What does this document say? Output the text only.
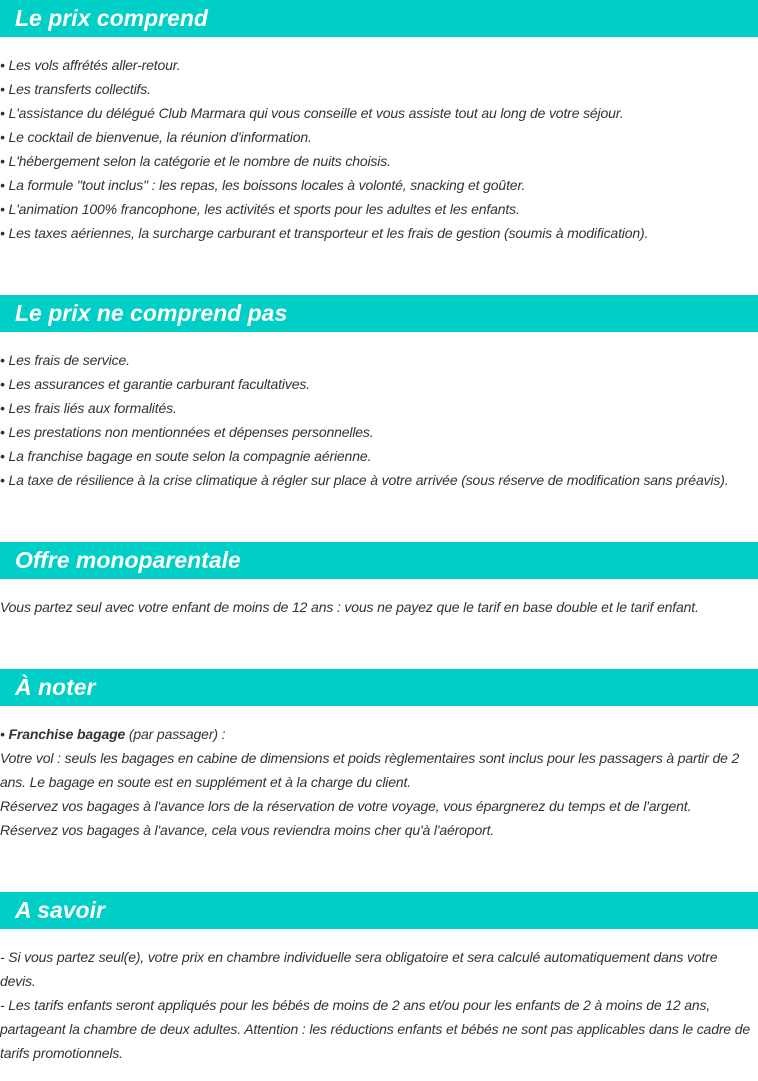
Le prix comprend
• Les vols affrétés aller-retour.
• Les transferts collectifs.
• L'assistance du délégué Club Marmara qui vous conseille et vous assiste tout au long de votre séjour.
• Le cocktail de bienvenue, la réunion d'information.
• L'hébergement selon la catégorie et le nombre de nuits choisis.
• La formule "tout inclus" : les repas, les boissons locales à volonté, snacking et goûter.
• L'animation 100% francophone, les activités et sports pour les adultes et les enfants.
• Les taxes aériennes, la surcharge carburant et transporteur et les frais de gestion (soumis à modification).
Le prix ne comprend pas
• Les frais de service.
• Les assurances et garantie carburant facultatives.
• Les frais liés aux formalités.
• Les prestations non mentionnées et dépenses personnelles.
• La franchise bagage en soute selon la compagnie aérienne.
• La taxe de résilience à la crise climatique à régler sur place à votre arrivée (sous réserve de modification sans préavis).
Offre monoparentale
Vous partez seul avec votre enfant de moins de 12 ans : vous ne payez que le tarif en base double et le tarif enfant.
À noter
• Franchise bagage (par passager) :
Votre vol : seuls les bagages en cabine de dimensions et poids règlementaires sont inclus pour les passagers à partir de 2 ans. Le bagage en soute est en supplément et à la charge du client.
Réservez vos bagages à l'avance lors de la réservation de votre voyage, vous épargnerez du temps et de l'argent.
Réservez vos bagages à l'avance, cela vous reviendra moins cher qu'à l'aéroport.
A savoir
- Si vous partez seul(e), votre prix en chambre individuelle sera obligatoire et sera calculé automatiquement dans votre devis.
- Les tarifs enfants seront appliqués pour les bébés de moins de 2 ans et/ou pour les enfants de 2 à moins de 12 ans, partageant la chambre de deux adultes. Attention : les réductions enfants et bébés ne sont pas applicables dans le cadre de tarifs promotionnels.
